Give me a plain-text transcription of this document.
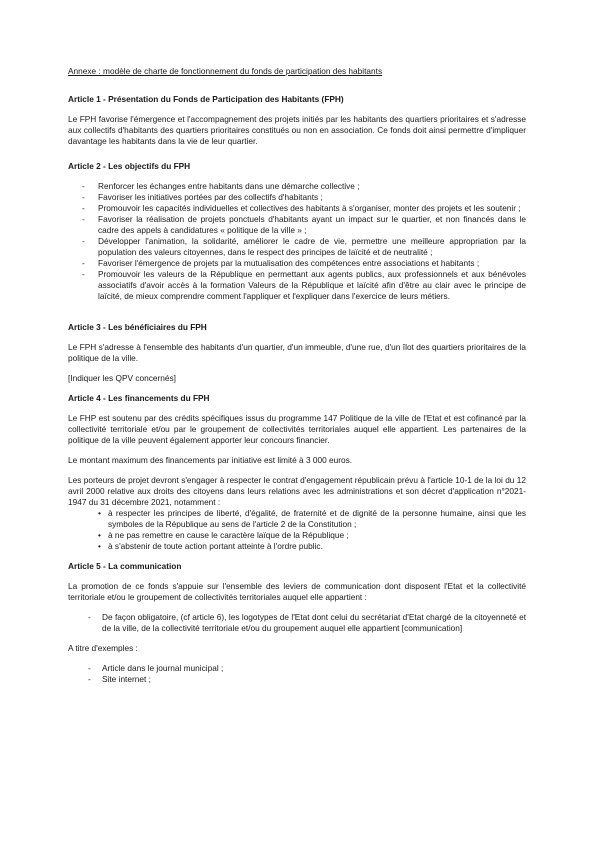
Annexe : modèle de charte de fonctionnement du fonds de participation des habitants
Article 1 - Présentation du Fonds de Participation des Habitants (FPH)

Le FPH favorise l'émergence et l'accompagnement des projets initiés par les habitants des quartiers prioritaires et s'adresse aux collectifs d'habitants des quartiers prioritaires constitués ou non en association. Ce fonds doit ainsi permettre d'impliquer davantage les habitants dans la vie de leur quartier.

Article 2 - Les objectifs du FPH
- Renforcer les échanges entre habitants dans une démarche collective ;
- Favoriser les initiatives portées par des collectifs d'habitants ;
- Promouvoir les capacités individuelles et collectives des habitants à s'organiser, monter des projets et les soutenir ;
- Favoriser la réalisation de projets ponctuels d'habitants ayant un impact sur le quartier, et non financés dans le cadre des appels à candidatures « politique de la ville » ;
- Développer l'animation, la solidarité, améliorer le cadre de vie, permettre une meilleure appropriation par la population des valeurs citoyennes, dans le respect des principes de laïcité et de neutralité ;
- Favoriser l'émergence de projets par la mutualisation des compétences entre associations et habitants ;
- Promouvoir les valeurs de la République en permettant aux agents publics, aux professionnels et aux bénévoles associatifs d'avoir accès à la formation Valeurs de la République et laïcité afin d'être au clair avec le principe de laïcité, de mieux comprendre comment l'appliquer et l'expliquer dans l'exercice de leurs métiers.
Article 3 - Les bénéficiaires du FPH

Le FPH s'adresse à l'ensemble des habitants d'un quartier, d'un immeuble, d'une rue, d'un îlot des quartiers prioritaires de la politique de la ville.

[Indiquer les QPV concernés]

Article 4 - Les financements du FPH

Le FHP est soutenu par des crédits spécifiques issus du programme 147 Politique de la ville de l'Etat et est cofinancé par la collectivité territoriale et/ou par le groupement de collectivités territoriales auquel elle appartient. Les partenaires de la politique de la ville peuvent également apporter leur concours financier.

Le montant maximum des financements par initiative est limité à 3 000 euros.

Les porteurs de projet devront s'engager à respecter le contrat d'engagement républicain prévu à l'article 10-1 de la loi du 12 avril 2000 relative aux droits des citoyens dans leurs relations avec les administrations et son décret d'application n°2021-1947 du 31 décembre 2021, notamment :

• à respecter les principes de liberté, d'égalité, de fraternité et de dignité de la personne humaine, ainsi que les symboles de la République au sens de l'article 2 de la Constitution ;
• à ne pas remettre en cause le caractère laïque de la République ;
• à s'abstenir de toute action portant atteinte à l'ordre public.
Article 5 - La communication

La promotion de ce fonds s'appuie sur l'ensemble des leviers de communication dont disposent l'Etat et la collectivité territoriale et/ou le groupement de collectivités territoriales auquel elle appartient :

- De façon obligatoire, (cf article 6), les logotypes de l'Etat dont celui du secrétariat d'Etat chargé de la citoyenneté et de la ville, de la collectivité territoriale et/ou du groupement auquel elle appartient [communication]

A titre d'exemples :

- Article dans le journal municipal ;
- Site internet ;
